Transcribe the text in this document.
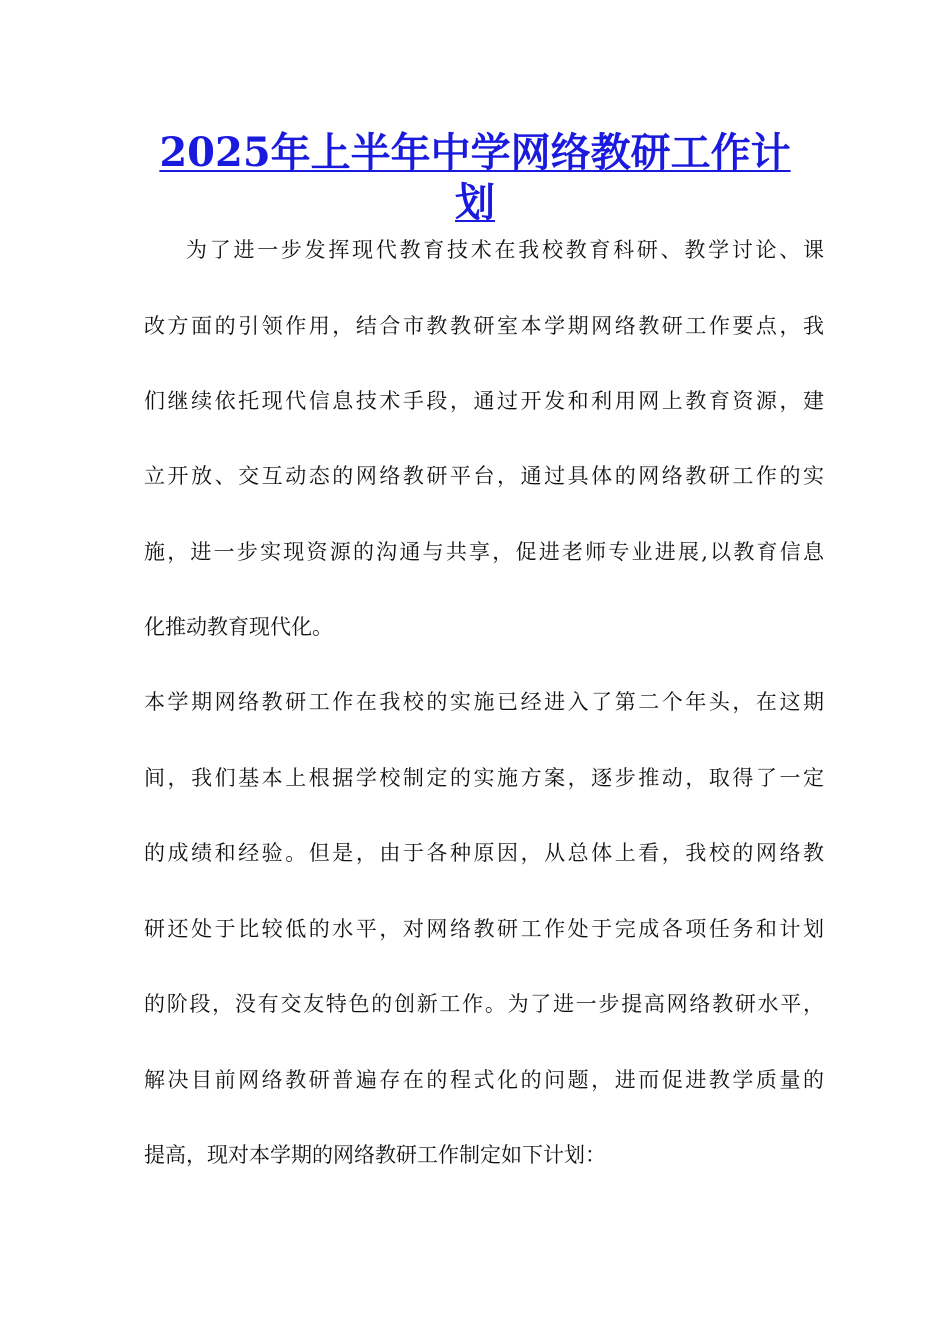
2025年上半年中学网络教研工作计
划

为了进一步发挥现代教育技术在我校教育科研、教学讨论、课

改方面的引领作用，结合市教教研室本学期网络教研工作要点，我

们继续依托现代信息技术手段，通过开发和利用网上教育资源，建

立开放、交互动态的网络教研平台，通过具体的网络教研工作的实

施，进一步实现资源的沟通与共享，促进老师专业进展,以教育信息

化推动教育现代化。

本学期网络教研工作在我校的实施已经进入了第二个年头，在这期

间，我们基本上根据学校制定的实施方案，逐步推动，取得了一定

的成绩和经验。但是，由于各种原因，从总体上看，我校的网络教

研还处于比较低的水平，对网络教研工作处于完成各项任务和计划

的阶段，没有交友特色的创新工作。为了进一步提高网络教研水平，

解决目前网络教研普遍存在的程式化的问题，进而促进教学质量的

提高，现对本学期的网络教研工作制定如下计划：
